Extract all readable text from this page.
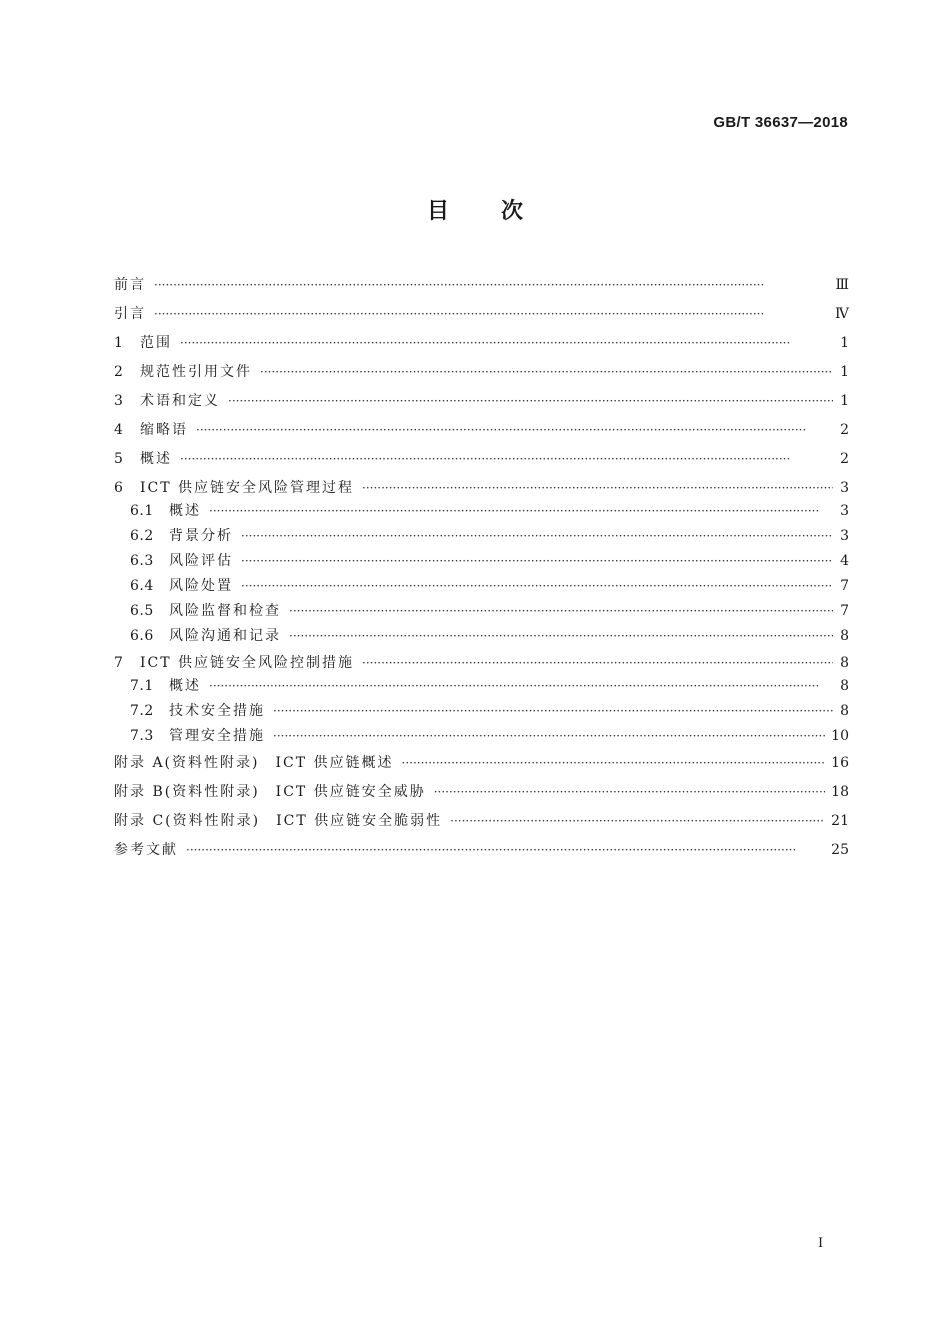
GB/T 36637—2018
目次
前言 ·····	Ⅲ
引言 ·····	Ⅳ
1	范围 ·····	1
2	规范性引用文件 ·····	1
3	术语和定义 ·····	1
4	缩略语 ·····	2
5	概述 ·····	2
6	ICT 供应链安全风险管理过程 ·····	3
6.1	概述 ·····	3
6.2	背景分析 ·····	3
6.3	风险评估 ·····	4
6.4	风险处置 ·····	7
6.5	风险监督和检查 ·····	7
6.6	风险沟通和记录 ·····	8
7	ICT 供应链安全风险控制措施 ·····	8
7.1	概述 ·····	8
7.2	技术安全措施 ·····	8
7.3	管理安全措施 ·····	10
附录 A(资料性附录)　ICT 供应链概述 ·····	16
附录 B(资料性附录)　ICT 供应链安全威胁 ·····	18
附录 C(资料性附录)　ICT 供应链安全脆弱性 ·····	21
参考文献 ·····	25
I
